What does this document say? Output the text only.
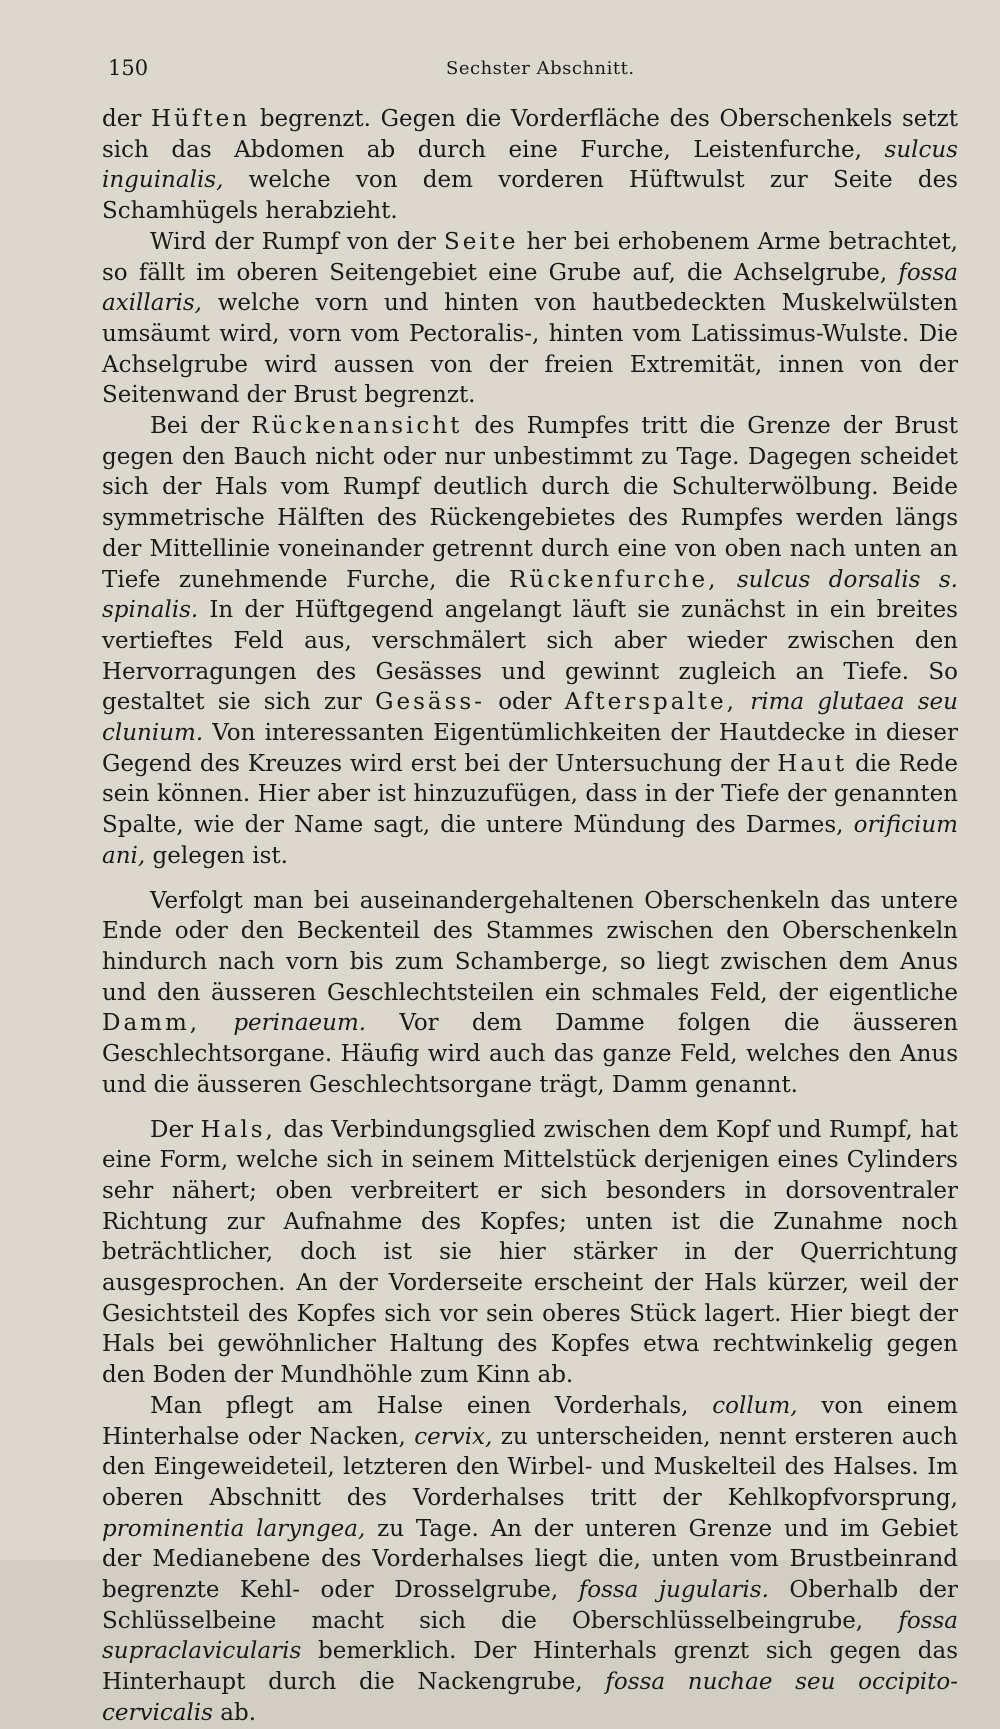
150	Sechster Abschnitt.

der Hüften begrenzt. Gegen die Vorderfläche des Oberschenkels setzt sich das Abdomen ab durch eine Furche, Leistenfurche, sulcus inguinalis, welche von dem vorderen Hüftwulst zur Seite des Schamhügels herabzieht.

Wird der Rumpf von der Seite her bei erhobenem Arme betrachtet, so fällt im oberen Seitengebiet eine Grube auf, die Achselgrube, fossa axillaris, welche vorn und hinten von hautbedeckten Muskelwülsten umsäumt wird, vorn vom Pectoralis-, hinten vom Latissimus-Wulste. Die Achselgrube wird aussen von der freien Extremität, innen von der Seitenwand der Brust begrenzt.

Bei der Rückenansicht des Rumpfes tritt die Grenze der Brust gegen den Bauch nicht oder nur unbestimmt zu Tage. Dagegen scheidet sich der Hals vom Rumpf deutlich durch die Schulterwölbung. Beide symmetrische Hälften des Rückengebietes des Rumpfes werden längs der Mittellinie voneinander getrennt durch eine von oben nach unten an Tiefe zunehmende Furche, die Rückenfurche, sulcus dorsalis s. spinalis. In der Hüftgegend angelangt läuft sie zunächst in ein breites vertieftes Feld aus, verschmälert sich aber wieder zwischen den Hervorragungen des Gesässes und gewinnt zugleich an Tiefe. So gestaltet sie sich zur Gesäss- oder Afterspalte, rima glutaea seu clunium. Von interessanten Eigentümlichkeiten der Hautdecke in dieser Gegend des Kreuzes wird erst bei der Untersuchung der Haut die Rede sein können. Hier aber ist hinzuzufügen, dass in der Tiefe der genannten Spalte, wie der Name sagt, die untere Mündung des Darmes, orificium ani, gelegen ist.

Verfolgt man bei auseinandergehaltenen Oberschenkeln das untere Ende oder den Beckenteil des Stammes zwischen den Oberschenkeln hindurch nach vorn bis zum Schamberge, so liegt zwischen dem Anus und den äusseren Geschlechtsteilen ein schmales Feld, der eigentliche Damm, perinaeum. Vor dem Damme folgen die äusseren Geschlechtsorgane. Häufig wird auch das ganze Feld, welches den Anus und die äusseren Geschlechtsorgane trägt, Damm genannt.

Der Hals, das Verbindungsglied zwischen dem Kopf und Rumpf, hat eine Form, welche sich in seinem Mittelstück derjenigen eines Cylinders sehr nähert; oben verbreitert er sich besonders in dorsoventraler Richtung zur Aufnahme des Kopfes; unten ist die Zunahme noch beträchtlicher, doch ist sie hier stärker in der Querrichtung ausgesprochen. An der Vorderseite erscheint der Hals kürzer, weil der Gesichtsteil des Kopfes sich vor sein oberes Stück lagert. Hier biegt der Hals bei gewöhnlicher Haltung des Kopfes etwa rechtwinkelig gegen den Boden der Mundhöhle zum Kinn ab.

Man pflegt am Halse einen Vorderhals, collum, von einem Hinterhalse oder Nacken, cervix, zu unterscheiden, nennt ersteren auch den Eingeweideteil, letzteren den Wirbel- und Muskelteil des Halses. Im oberen Abschnitt des Vorderhalses tritt der Kehlkopfvorsprung, prominentia laryngea, zu Tage. An der unteren Grenze und im Gebiet der Medianebene des Vorderhalses liegt die, unten vom Brustbeinrand begrenzte Kehl- oder Drosselgrube, fossa jugularis. Oberhalb der Schlüsselbeine macht sich die Oberschlüsselbeingrube, fossa supraclavicularis bemerklich. Der Hinterhals grenzt sich gegen das Hinterhaupt durch die Nackengrube, fossa nuchae seu occipito-cervicalis ab.
